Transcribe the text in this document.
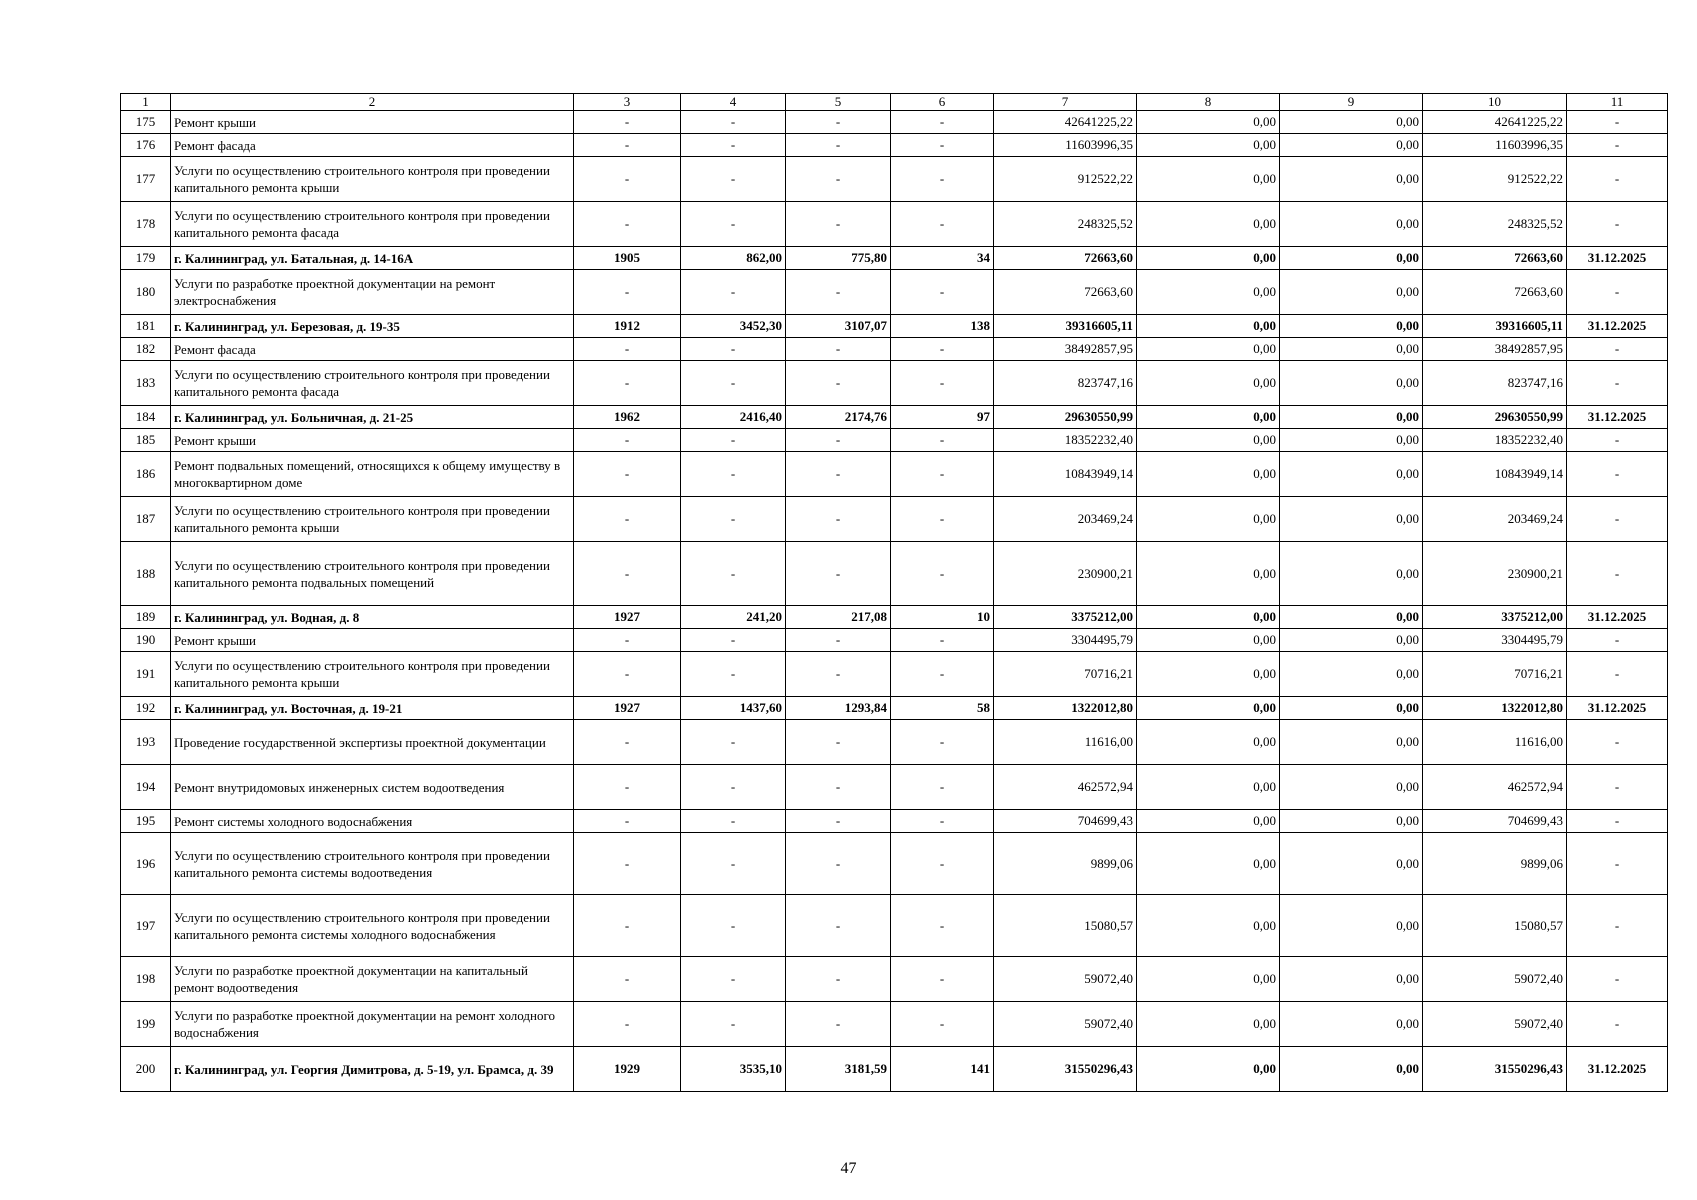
1	2	3	4	5	6	7	8	9	10	11
175	Ремонт крыши	-	-	-	-	42641225,22	0,00	0,00	42641225,22	-
176	Ремонт фасада	-	-	-	-	11603996,35	0,00	0,00	11603996,35	-
177	Услуги по осуществлению строительного контроля при проведении капитального ремонта крыши	-	-	-	-	912522,22	0,00	0,00	912522,22	-
178	Услуги по осуществлению строительного контроля при проведении капитального ремонта фасада	-	-	-	-	248325,52	0,00	0,00	248325,52	-
179	г. Калининград, ул. Батальная, д. 14-16А	1905	862,00	775,80	34	72663,60	0,00	0,00	72663,60	31.12.2025
180	Услуги по разработке проектной документации на ремонт электроснабжения	-	-	-	-	72663,60	0,00	0,00	72663,60	-
181	г. Калининград, ул. Березовая, д. 19-35	1912	3452,30	3107,07	138	39316605,11	0,00	0,00	39316605,11	31.12.2025
182	Ремонт фасада	-	-	-	-	38492857,95	0,00	0,00	38492857,95	-
183	Услуги по осуществлению строительного контроля при проведении капитального ремонта фасада	-	-	-	-	823747,16	0,00	0,00	823747,16	-
184	г. Калининград, ул. Больничная, д. 21-25	1962	2416,40	2174,76	97	29630550,99	0,00	0,00	29630550,99	31.12.2025
185	Ремонт крыши	-	-	-	-	18352232,40	0,00	0,00	18352232,40	-
186	Ремонт подвальных помещений, относящихся к общему имуществу в многоквартирном доме	-	-	-	-	10843949,14	0,00	0,00	10843949,14	-
187	Услуги по осуществлению строительного контроля при проведении капитального ремонта крыши	-	-	-	-	203469,24	0,00	0,00	203469,24	-
188	Услуги по осуществлению строительного контроля при проведении капитального ремонта подвальных помещений	-	-	-	-	230900,21	0,00	0,00	230900,21	-
189	г. Калининград, ул. Водная, д. 8	1927	241,20	217,08	10	3375212,00	0,00	0,00	3375212,00	31.12.2025
190	Ремонт крыши	-	-	-	-	3304495,79	0,00	0,00	3304495,79	-
191	Услуги по осуществлению строительного контроля при проведении капитального ремонта крыши	-	-	-	-	70716,21	0,00	0,00	70716,21	-
192	г. Калининград, ул. Восточная, д. 19-21	1927	1437,60	1293,84	58	1322012,80	0,00	0,00	1322012,80	31.12.2025
193	Проведение государственной экспертизы проектной документации	-	-	-	-	11616,00	0,00	0,00	11616,00	-
194	Ремонт внутридомовых инженерных систем водоотведения	-	-	-	-	462572,94	0,00	0,00	462572,94	-
195	Ремонт системы холодного водоснабжения	-	-	-	-	704699,43	0,00	0,00	704699,43	-
196	Услуги по осуществлению строительного контроля при проведении капитального ремонта системы водоотведения	-	-	-	-	9899,06	0,00	0,00	9899,06	-
197	Услуги по осуществлению строительного контроля при проведении капитального ремонта системы холодного водоснабжения	-	-	-	-	15080,57	0,00	0,00	15080,57	-
198	Услуги по разработке проектной документации на капитальный ремонт водоотведения	-	-	-	-	59072,40	0,00	0,00	59072,40	-
199	Услуги по разработке проектной документации на ремонт холодного водоснабжения	-	-	-	-	59072,40	0,00	0,00	59072,40	-
200	г. Калининград, ул. Георгия Димитрова, д. 5-19, ул. Брамса, д. 39	1929	3535,10	3181,59	141	31550296,43	0,00	0,00	31550296,43	31.12.2025
47
